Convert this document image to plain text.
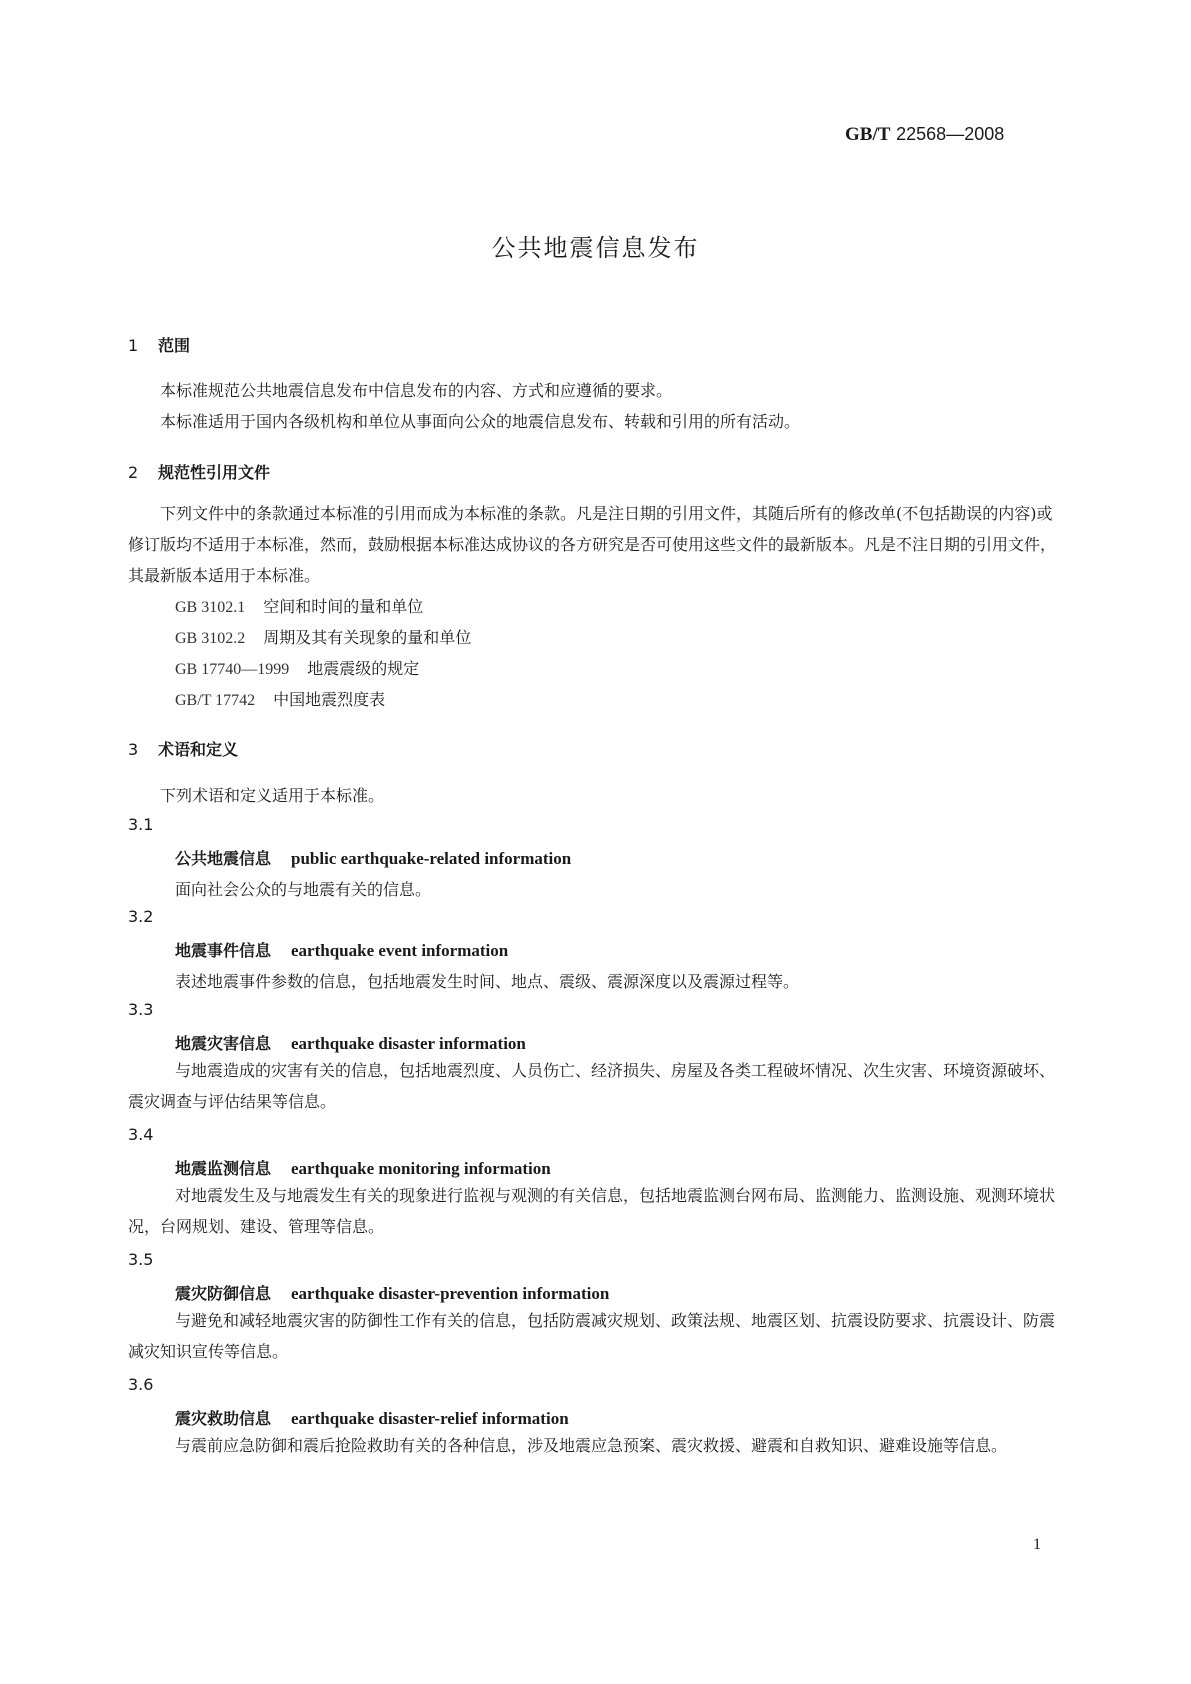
GB/T 22568—2008
公共地震信息发布
1 范围
本标准规范公共地震信息发布中信息发布的内容、方式和应遵循的要求。
本标准适用于国内各级机构和单位从事面向公众的地震信息发布、转载和引用的所有活动。
2 规范性引用文件
下列文件中的条款通过本标准的引用而成为本标准的条款。凡是注日期的引用文件，其随后所有的修改单(不包括勘误的内容)或修订版均不适用于本标准，然而，鼓励根据本标准达成协议的各方研究是否可使用这些文件的最新版本。凡是不注日期的引用文件，其最新版本适用于本标准。
GB 3102.1 空间和时间的量和单位
GB 3102.2 周期及其有关现象的量和单位
GB 17740—1999 地震震级的规定
GB/T 17742 中国地震烈度表
3 术语和定义
下列术语和定义适用于本标准。
3.1
公共地震信息 public earthquake-related information
面向社会公众的与地震有关的信息。
3.2
地震事件信息 earthquake event information
表述地震事件参数的信息，包括地震发生时间、地点、震级、震源深度以及震源过程等。
3.3
地震灾害信息 earthquake disaster information
与地震造成的灾害有关的信息，包括地震烈度、人员伤亡、经济损失、房屋及各类工程破坏情况、次生灾害、环境资源破坏、震灾调查与评估结果等信息。
3.4
地震监测信息 earthquake monitoring information
对地震发生及与地震发生有关的现象进行监视与观测的有关信息，包括地震监测台网布局、监测能力、监测设施、观测环境状况，台网规划、建设、管理等信息。
3.5
震灾防御信息 earthquake disaster-prevention information
与避免和减轻地震灾害的防御性工作有关的信息，包括防震减灾规划、政策法规、地震区划、抗震设防要求、抗震设计、防震减灾知识宣传等信息。
3.6
震灾救助信息 earthquake disaster-relief information
与震前应急防御和震后抢险救助有关的各种信息，涉及地震应急预案、震灾救援、避震和自救知识、避难设施等信息。
1
